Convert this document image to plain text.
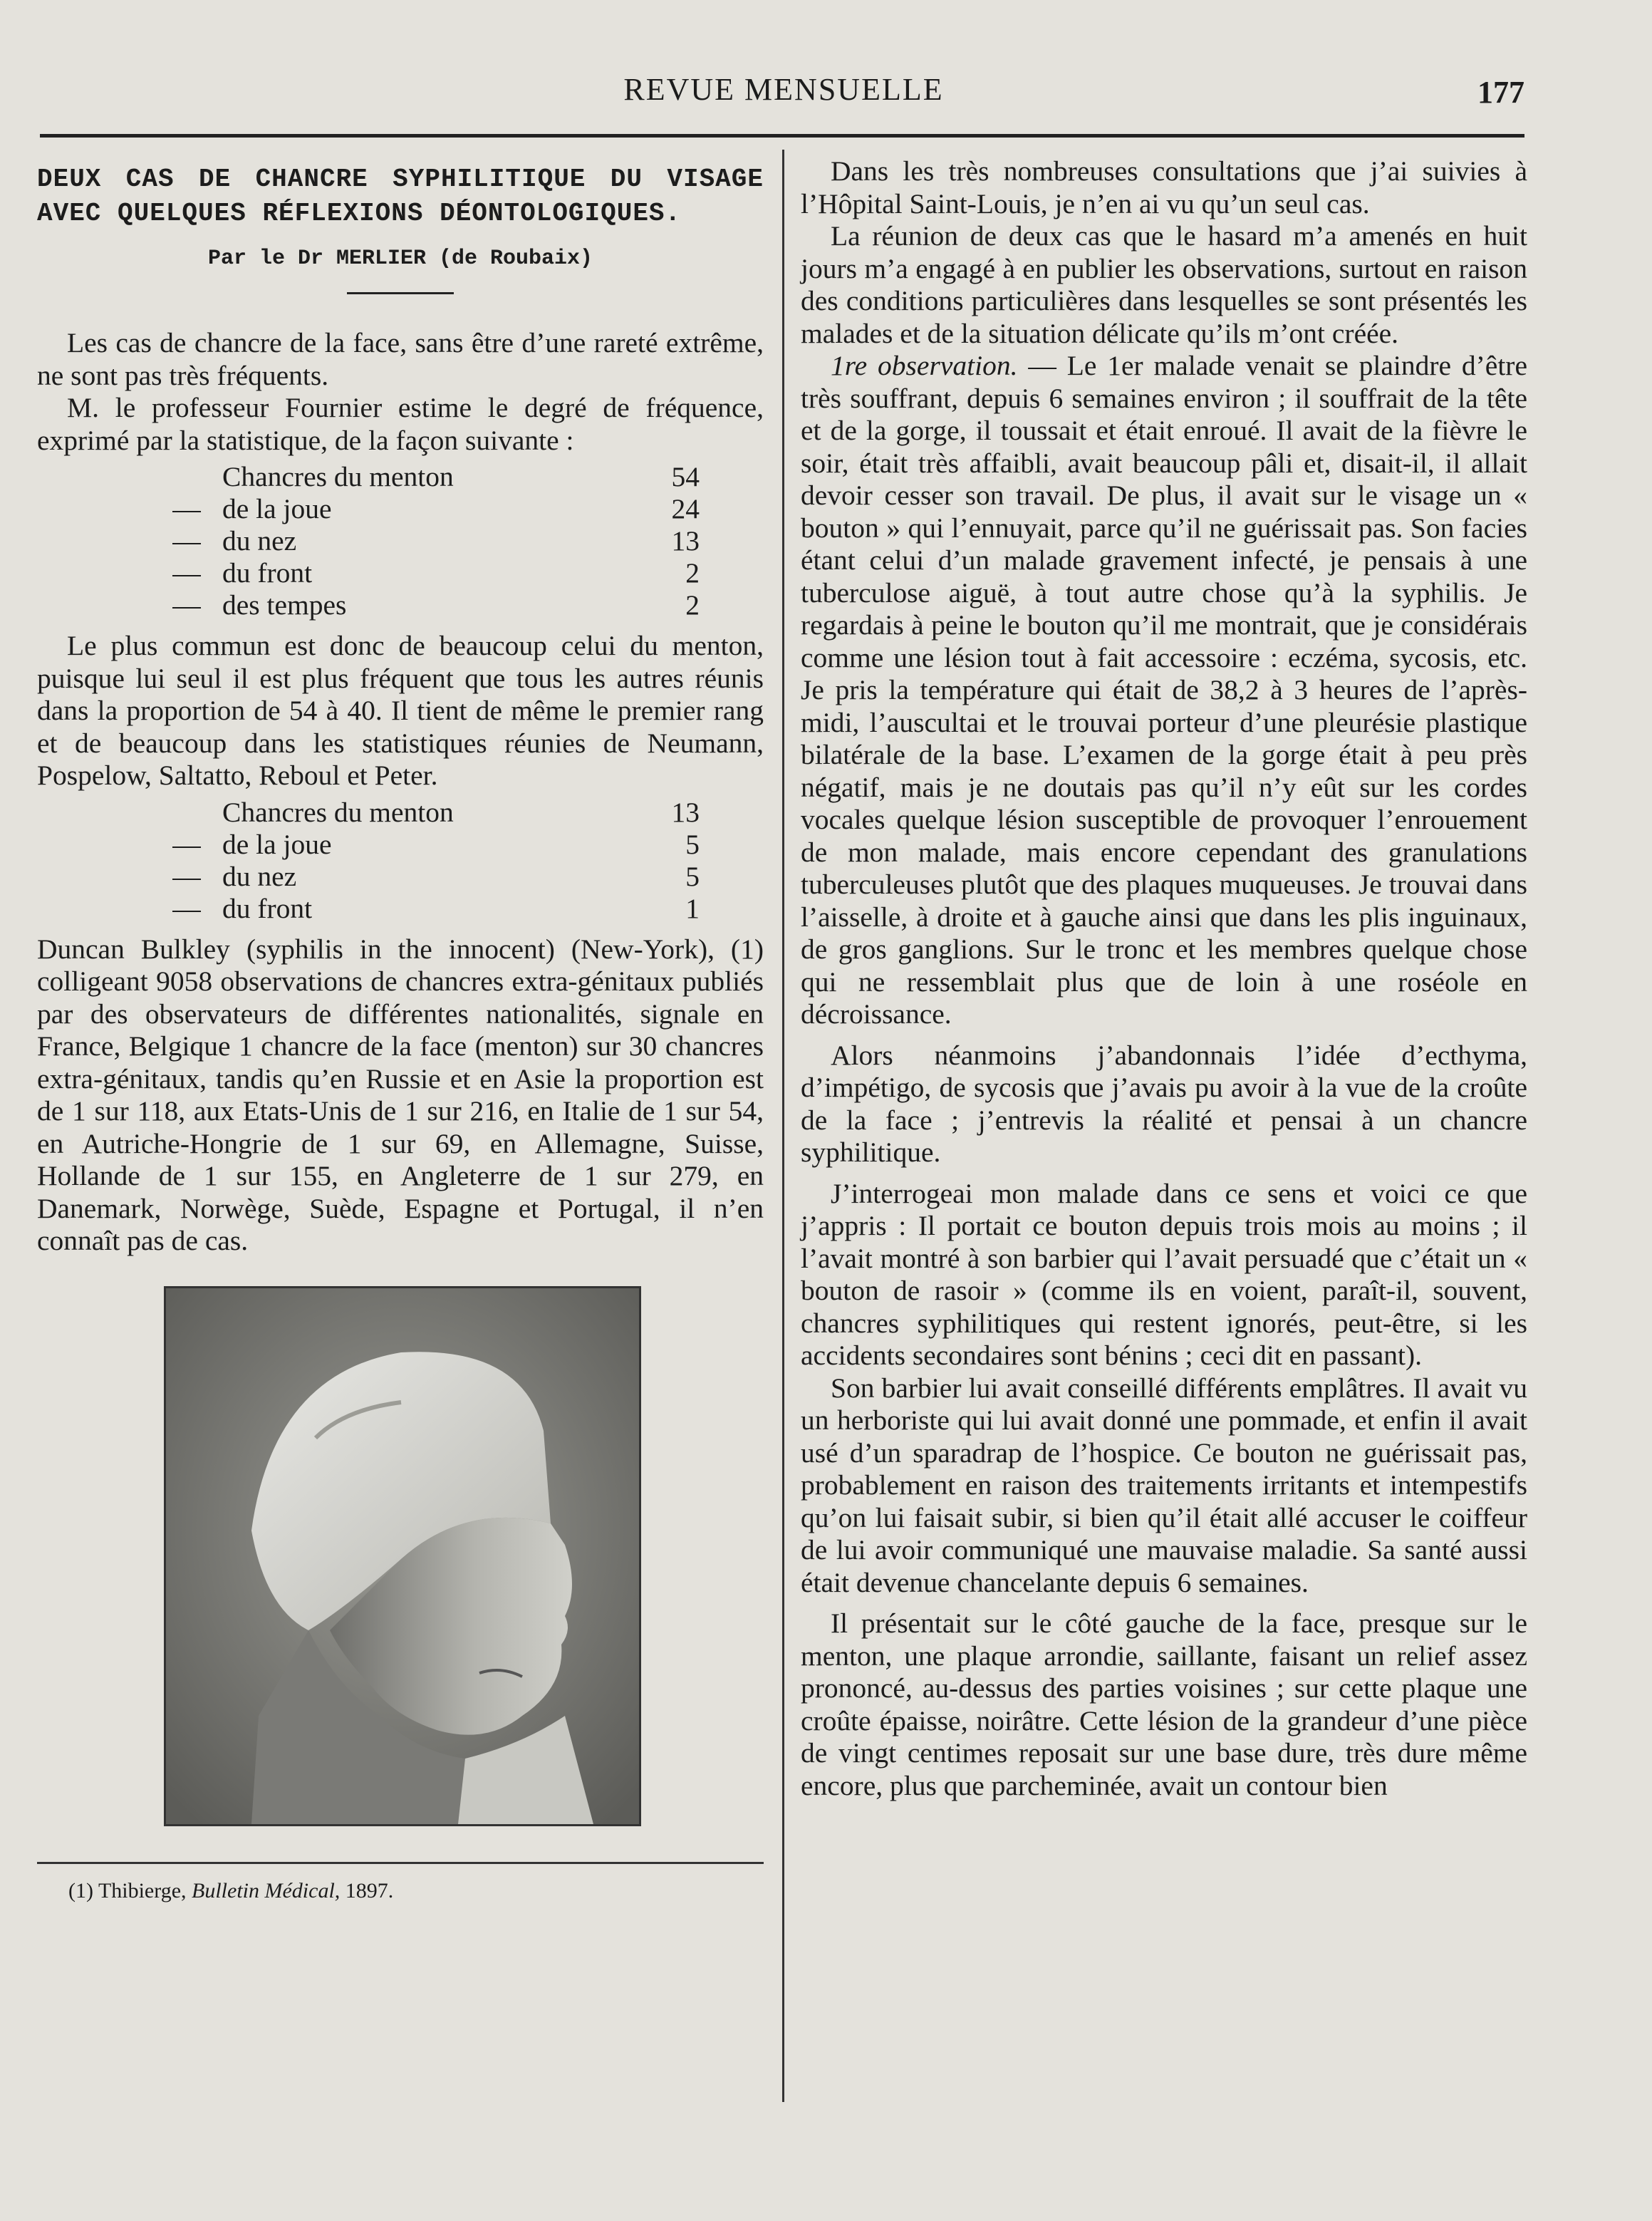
REVUE MENSUELLE	177
DEUX CAS DE CHANCRE SYPHILITIQUE DU VISAGE AVEC QUELQUES RÉFLEXIONS DÉONTOLOGIQUES.
Par le Dr MERLIER (de Roubaix)

Les cas de chancre de la face, sans être d’une rareté extrême, ne sont pas très fréquents.

M. le professeur Fournier estime le degré de fréquence, exprimé par la statistique, de la façon suivante :

	Chancres du menton	54
—	de la joue	24
—	du nez	13
—	du front	2
—	des tempes	2

Le plus commun est donc de beaucoup celui du menton, puisque lui seul il est plus fréquent que tous les autres réunis dans la proportion de 54 à 40. Il tient de même le premier rang et de beaucoup dans les statistiques réunies de Neumann, Pospelow, Saltatto, Reboul et Peter.

	Chancres du menton	13
—	de la joue	5
—	du nez	5
—	du front	1

Duncan Bulkley (syphilis in the innocent) (New-York), (1) colligeant 9058 observations de chancres extra-génitaux publiés par des observateurs de différentes nationalités, signale en France, Belgique 1 chancre de la face (menton) sur 30 chancres extra-génitaux, tandis qu’en Russie et en Asie la proportion est de 1 sur 118, aux Etats-Unis de 1 sur 216, en Italie de 1 sur 54, en Autriche-Hongrie de 1 sur 69, en Allemagne, Suisse, Hollande de 1 sur 155, en Angleterre de 1 sur 279, en Danemark, Norwège, Suède, Espagne et Portugal, il n’en connaît pas de cas.

(1) Thibierge, Bulletin Médical, 1897.

Dans les très nombreuses consultations que j’ai suivies à l’Hôpital Saint-Louis, je n’en ai vu qu’un seul cas.

La réunion de deux cas que le hasard m’a amenés en huit jours m’a engagé à en publier les observations, surtout en raison des conditions particulières dans lesquelles se sont présentés les malades et de la situation délicate qu’ils m’ont créée.

1re observation. — Le 1er malade venait se plaindre d’être très souffrant, depuis 6 semaines environ ; il souffrait de la tête et de la gorge, il toussait et était enroué. Il avait de la fièvre le soir, était très affaibli, avait beaucoup pâli et, disait-il, il allait devoir cesser son travail. De plus, il avait sur le visage un « bouton » qui l’ennuyait, parce qu’il ne guérissait pas. Son facies étant celui d’un malade gravement infecté, je pensais à une tuberculose aiguë, à tout autre chose qu’à la syphilis. Je regardais à peine le bouton qu’il me montrait, que je considérais comme une lésion tout à fait accessoire : eczéma, sycosis, etc. Je pris la température qui était de 38,2 à 3 heures de l’après-midi, l’auscultai et le trouvai porteur d’une pleurésie plastique bilatérale de la base. L’examen de la gorge était à peu près négatif, mais je ne doutais pas qu’il n’y eût sur les cordes vocales quelque lésion susceptible de provoquer l’enrouement de mon malade, mais encore cependant des granulations tuberculeuses plutôt que des plaques muqueuses. Je trouvai dans l’aisselle, à droite et à gauche ainsi que dans les plis inguinaux, de gros ganglions. Sur le tronc et les membres quelque chose qui ne ressemblait plus que de loin à une roséole en décroissance.

Alors néanmoins j’abandonnais l’idée d’ecthyma, d’impétigo, de sycosis que j’avais pu avoir à la vue de la croûte de la face ; j’entrevis la réalité et pensai à un chancre syphilitique.

J’interrogeai mon malade dans ce sens et voici ce que j’appris : Il portait ce bouton depuis trois mois au moins ; il l’avait montré à son barbier qui l’avait persuadé que c’était un « bouton de rasoir » (comme ils en voient, paraît-il, souvent, chancres syphilitiques qui restent ignorés, peut-être, si les accidents secondaires sont bénins ; ceci dit en passant).

Son barbier lui avait conseillé différents emplâtres. Il avait vu un herboriste qui lui avait donné une pommade, et enfin il avait usé d’un sparadrap de l’hospice. Ce bouton ne guérissait pas, probablement en raison des traitements irritants et intempestifs qu’on lui faisait subir, si bien qu’il était allé accuser le coiffeur de lui avoir communiqué une mauvaise maladie. Sa santé aussi était devenue chancelante depuis 6 semaines.

Il présentait sur le côté gauche de la face, presque sur le menton, une plaque arrondie, saillante, faisant un relief assez prononcé, au-dessus des parties voisines ; sur cette plaque une croûte épaisse, noirâtre. Cette lésion de la grandeur d’une pièce de vingt centimes reposait sur une base dure, très dure même encore, plus que parcheminée, avait un contour bien
